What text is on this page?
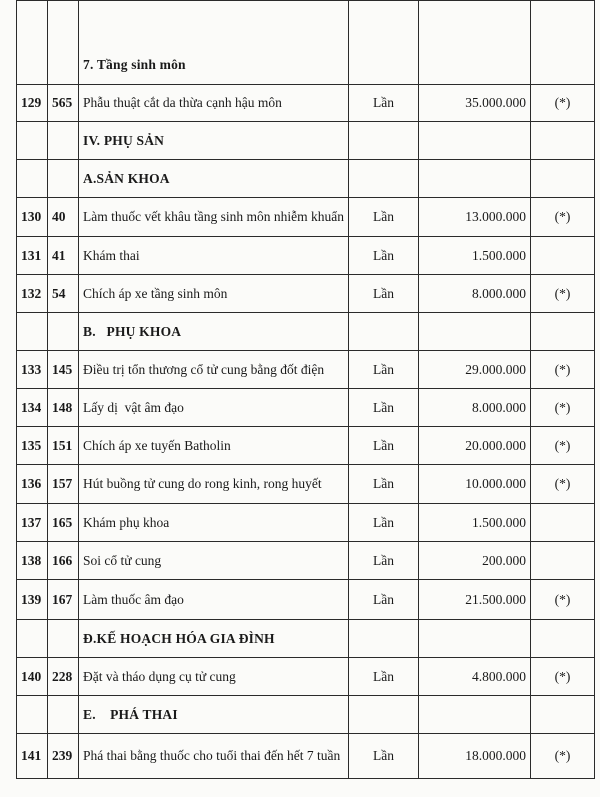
		7. Tầng sinh môn			
129	565	Phẫu thuật cắt da thừa cạnh hậu môn	Lần	35.000.000	(*)
		IV. PHỤ SẢN			
		A.SẢN KHOA			
130	40	Làm thuốc vết khâu tầng sinh môn nhiễm khuẩn	Lần	13.000.000	(*)
131	41	Khám thai	Lần	1.500.000	
132	54	Chích áp xe tầng sinh môn	Lần	8.000.000	(*)
		B.   PHỤ KHOA			
133	145	Điều trị tổn thương cổ tử cung bằng đốt điện	Lần	29.000.000	(*)
134	148	Lấy dị  vật âm đạo	Lần	8.000.000	(*)
135	151	Chích áp xe tuyến Batholin	Lần	20.000.000	(*)
136	157	Hút buồng tử cung do rong kinh, rong huyết	Lần	10.000.000	(*)
137	165	Khám phụ khoa	Lần	1.500.000	
138	166	Soi cổ tử cung	Lần	200.000	
139	167	Làm thuốc âm đạo	Lần	21.500.000	(*)
		Đ.KẾ HOẠCH HÓA GIA ĐÌNH			
140	228	Đặt và tháo dụng cụ tử cung	Lần	4.800.000	(*)
		E.    PHÁ THAI			
141	239	Phá thai bằng thuốc cho tuổi thai đến hết 7 tuần	Lần	18.000.000	(*)
